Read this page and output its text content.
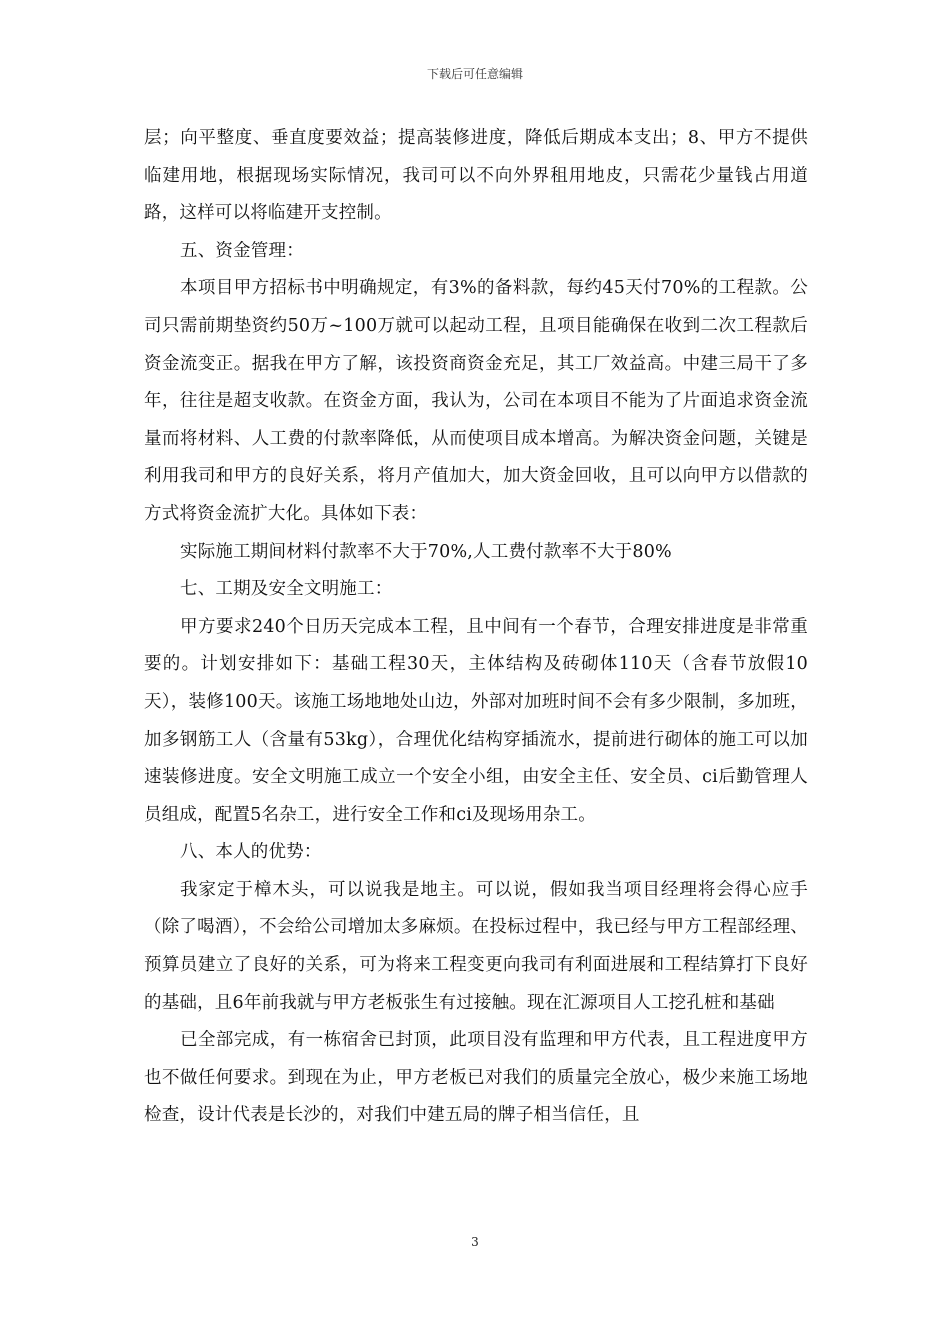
下载后可任意编辑

层；向平整度、垂直度要效益；提高装修进度，降低后期成本支出；8、甲方不提供临建用地，根据现场实际情况，我司可以不向外界租用地皮，只需花少量钱占用道路，这样可以将临建开支控制。

五、资金管理：

本项目甲方招标书中明确规定，有3%的备料款，每约45天付70%的工程款。公司只需前期垫资约50万~100万就可以起动工程，且项目能确保在收到二次工程款后资金流变正。据我在甲方了解，该投资商资金充足，其工厂效益高。中建三局干了多年，往往是超支收款。在资金方面，我认为，公司在本项目不能为了片面追求资金流量而将材料、人工费的付款率降低，从而使项目成本增高。为解决资金问题，关键是利用我司和甲方的良好关系，将月产值加大，加大资金回收，且可以向甲方以借款的方式将资金流扩大化。具体如下表：

实际施工期间材料付款率不大于70%,人工费付款率不大于80%

七、工期及安全文明施工：

甲方要求240个日历天完成本工程，且中间有一个春节，合理安排进度是非常重要的。计划安排如下：基础工程30天，主体结构及砖砌体110天（含春节放假10天），装修100天。该施工场地地处山边，外部对加班时间不会有多少限制，多加班，加多钢筋工人（含量有53kg），合理优化结构穿插流水，提前进行砌体的施工可以加速装修进度。安全文明施工成立一个安全小组，由安全主任、安全员、ci后勤管理人员组成，配置5名杂工，进行安全工作和ci及现场用杂工。

八、本人的优势：

我家定于樟木头，可以说我是地主。可以说，假如我当项目经理将会得心应手（除了喝酒），不会给公司增加太多麻烦。在投标过程中，我已经与甲方工程部经理、预算员建立了良好的关系，可为将来工程变更向我司有利面进展和工程结算打下良好的基础，且6年前我就与甲方老板张生有过接触。现在汇源项目人工挖孔桩和基础

已全部完成，有一栋宿舍已封顶，此项目没有监理和甲方代表，且工程进度甲方也不做任何要求。到现在为止，甲方老板已对我们的质量完全放心，极少来施工场地检查，设计代表是长沙的，对我们中建五局的牌子相当信任，且

3
